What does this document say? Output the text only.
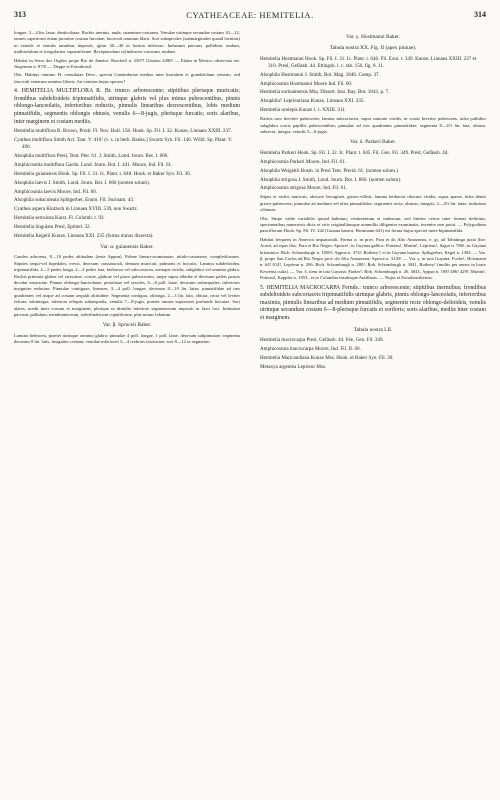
313	CYATHEACEAE: HEMITELIA.	314

longae, 3—4 lin. latae, denticulatae. Rachis inermis, nuda, stramineo-castanea. Venulae utrinque secundae costam 10—12, omnes superiores etiam proxime costam furcatae; fasciculi omnium liberi. Sori subapicales (submarginales quoad lacinias) in venulis et venulis omnibus impositi, igitur 30—40 in lacinia inferiore. Indusium parvum, pallidum, nudum, multisetulum et irregulariter squamiforme. Receptaculum cylindraceo-conicum, nudum.

Habitat in Serra dos Orgãos prope Rio de Janeiro: Burchell n. 2507! Glaziou 2490! — Etiam in Mexico observata est: Jürgensen n. 873! — Deppe et Extrabrasil.

Obs. Habitus omnino H. crenulatae Desv., spectat Cnemidariae medias inter horridam et grandifoliam venatio, sed fasciculi venarum omnino liberis. An varietas hujus species?

4. HEMITELIA MULTIFLORA R. Br. trunco arborescente; stipitibus plerisque muricatis; frondibus subdeltoideis tripinnatifidis, utrinque glabris vel plus minus pubescentibus, pinnis oblongo-lanceolatis, inferioribus reductis, pinnulis linearibus decrescentibus, lobis medium pinnatifidis, segmentis oblongis obtusis, venulis 6—8-jugis, plerisque furcatis; soris alaribus, inter marginem et costam mediis.

Hemitelia multiflora R. Brown, Prodr. Fl. Nov. Holl. 158. Hook. Sp. Fil. I. 32. Kunze, Linnaea XXIII. 237.

Cyathea multiflora Smith Act. Taur. V. 416! (v. s. in herb. Banks.) Swartz Syn. Fil. 140. Willd. Sp. Plant. V. 496.

Alsophila multiflora Presl, Tent. Pter. 61. J. Smith, Lond. Journ. Bot. I. 666.

Amphicosmia multiflora Gardn. Lond. Journ. Bot. I. 441. Moore, Ind. Fil. 61.

Hemitelia guianensis Hook. Sp. Fil. I. 31. Ic. Plant. t. 648. Hook. et Baker Syn. Fil. 30.

Alsophila laevis J. Smith, Lond. Journ. Bot. I. 666 (nomen solum).

Amphicosmia laevis Moore, Ind. Fil. 60.

Alsophila subaculeata Splitgerber, Enum. Fil. Surinam. 43.

Cyathea aspera Klotzsch in Linnaea XVIII. 539, non Swartz.

Hemitelia serrulosa Karst. Fl. Columb. t. 93.

Hemitelia lingulata Presl, Epimel. 32.

Hemitelia Kegelii Kunze, Linnaea XXI. 235 (forma minus dissecta).

Var. α. guianensis Baker.

Caudex arboreus, 8—10 pedes altitudine (teste Appun). Paleae lineari-acuminatae, nitido-castaneae, completiformes. Stipites aequi-vel bipedales, erecti, deorsum crassiusculi, demum muricati, palmaris et furcatis. Lamina subdeltoidea, tripinnatifida, 4—5 pedes longa, 2—3 pedes lata, herbacea vel subcoriacea, utrinque viridis, subglabra vel omnino glabra. Rachis primaria glabra vel rarissime, costae, glabrae vel parce pubescentes, saepe supra albidae et deorsum paleis paucis decidui instructae. Pinnae oblongo-lanceolatae, petiolatae vel sessiles, 6—8 poll. latae, deorsum subaequales, inferiores insigniter reductae. Pinnulae contiguae, lineares, 3—4 poll. longae, deorsum 8—10 lin. latae, pinnatifidae ad tres quadrantes vel usque ad costam aequali altitudine. Segmenta contigua, oblonga, 2—3 lin. lata, obtusa, recta vel leviter falcata, subintegra, inferiora reliquis subaequalia, venulis 7—8-jugis, praeter omnes superiores profunde furcatae. Sori alares, medii inter costam et marginem, plerique in dimidio inferiore segmentorum impositi in fasci loci. Indusium parvum, pallidum, membranaceum, subcilindricum cupuliforme, plus minus lobatum.

Var. β. Spruceii Baker.

Lamina herbacea, praeter utrinque omnino glabra; pinnulae 4 poll. longae, 1 poll. latae, deorsum subpinnatae; segmenta deorsum 8 lin. latis, insigniter crenata; venulae inferiores 3—4 crebrius instructae; sori 8—12 in segmento.

Var. γ. Hostmanni Baker.

Tabula nostra XX. Fig. II (apex pinnae).

Hemitelia Hostmanni Hook. Sp. Fil. I. 31. Ic. Plant. t. 646. Fil. Exot. t. 349. Kunze, Linnaea XXIII. 237 et 310. Presl, Gefässb. 44. Ettingsh. l. c. tab. 156. fig. 8. 11.

Alsophila Hostmanni J. Smith, Bot. Mag. 1846. Comp. 37.

Amphicosmia Hostmanni Moore Ind. Fil. 60.

Hemitelia surinamensis Miq. Dissert. Inst. Bay. Bot. 1843. p. 7.

Alsophila? Leprieuriana Kunze, Linnaea XXI. 235.

Hemitelia urolepis Kunze l. c. XXIII. 311.

Rachis raro breviter pubescens; lamina subcoriacea, supra saturate viridis, in costis breviter pubescens, infra pallidior subglabra costis papillis pubescentibus; pinnulae ad tres quadrantes pinnatifidae; segmenta 8—4½ lin. lata, obtusa, subrecta, integra, venulis 5—6-jugis.

Var. δ. Parkeri Baker.

Hemitelia Parkeri Hook. Sp. Fil. I. 32. Ic. Plant. t. 645. Fil. Gen. Fil. 349. Presl, Gefässb. 44.

Amphicosmia Parkeri Moore, Ind. Fil. 61.

Alsophila Weigeltii Bosm. in Presl Tent. Pterid. 61. (nomen solum.)

Alsophila strigosa J. Smith, Lond. Journ. Bot. I. 666. (nomen solum).

Amphicosmia strigosa Moore, Ind. Fil. 61.

Stipes et rachis muricati, obscure ferruginei, griseo-villosi; lamina herbacea obscure viridis, supra sparse, infra dense griseo-pubescens; pinnulae ad medium vel ultra pinnatifidae, segmentis recta, obtusis, integris, 3—4½ lin. latae; indusium ciliatum.

Obs. Stirpe valde variabilis quoad habitum, vestimentum et indusium; sed limites certos inter formas definitas, specimenibus numerosis dicta et viris originalibusque nonnullis diligenter examinatis, invenire non potui. — Polypodium pauciflorum Hook. Sp. Fil. IV. 242 (Guiana batava, Hostmann 641) est forma hujus speciei mere bipinnatifida.

Habitat frequens in America aequatoriali. Forma α. in prov. Para et do Alto Amazonas, e. gr. ad Tabatinga juxta fluv. Acará, ad ripas fluv. Para et Rio Negro: Spruce!; in Guyana gallica: Poiteau!, Martin!, Leprieur!, Sagot n. 786!; in Guyana britannica: Rich. Schomburgk n. 1058!; Appun n. 374!, Rothery!; et in Guyana batava: Splitgerber, Kegel n. 1384. — Var. β. prope San Carlos ad Rio Negro prov. do Alto Amazonas: Spruce n. 3145! — Var. γ. in tota Guyana: Focke!, Hostmann n. 64! 814!, Leprieur n. 206, Rich. Schomburgk n. 280!, Rob. Schomburgk n. 3041, Rothery! (multis per annos in horto Kewensi culta). — Var. δ. item in tota Guyana: Parker!; Rob. Schomburgk n. 26. 3041; Appun n. 198! 486! 429!, Martin!, Poiteau!, Kappler n. 1953., et in Columbia insulisque Antillanis. — Nujas et Extrabrasiliensis.

5. HEMITELIA MACROCARPA Fernds.: trunco arborescente; stipitibus inermibus; frondibus subdeltoideis subcoriaceis tripinnatifidis utrinque glabris, pinnis oblongo-lanceolatis, inferioribus maximis, pinnulis linearibus ad medium pinnatifidis, segmentis recte oblongo-deltoideis, venulis utrinque secundum costam 6—8-plerisque furcatis et soriferis; soris alaribus, mediis inter costam et marginem.

Tabula nostra LII.

Hemitelia macrocarpa Presl, Gefässb. 44. Fée, Gen. Fil. 349.

Amphicosmia macrocarpa Moore, Ind. Fil. II. 60.

Hemitelia Maricandiana Kunze Mss. Hook. et Baker Syn. Fil. 30.

Metaxya argentea Leprieur Mss.
